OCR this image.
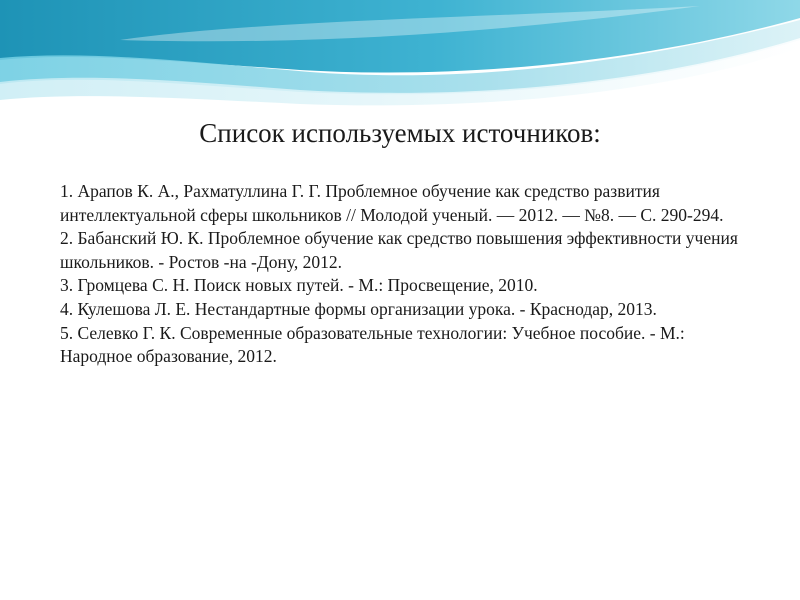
Список используемых источников:
1. Арапов К. А., Рахматуллина Г. Г. Проблемное обучение как средство развития интеллектуальной сферы школьников // Молодой ученый. — 2012. — №8. — С. 290-294.
2. Бабанский Ю. К. Проблемное обучение как средство повышения эффективности учения школьников. - Ростов -на -Дону, 2012.
3. Громцева С. Н. Поиск новых путей. - М.: Просвещение, 2010.
4. Кулешова Л. Е. Нестандартные формы организации урока. - Краснодар, 2013.
5. Селевко Г. К. Современные образовательные технологии: Учебное пособие. - М.: Народное образование, 2012.
